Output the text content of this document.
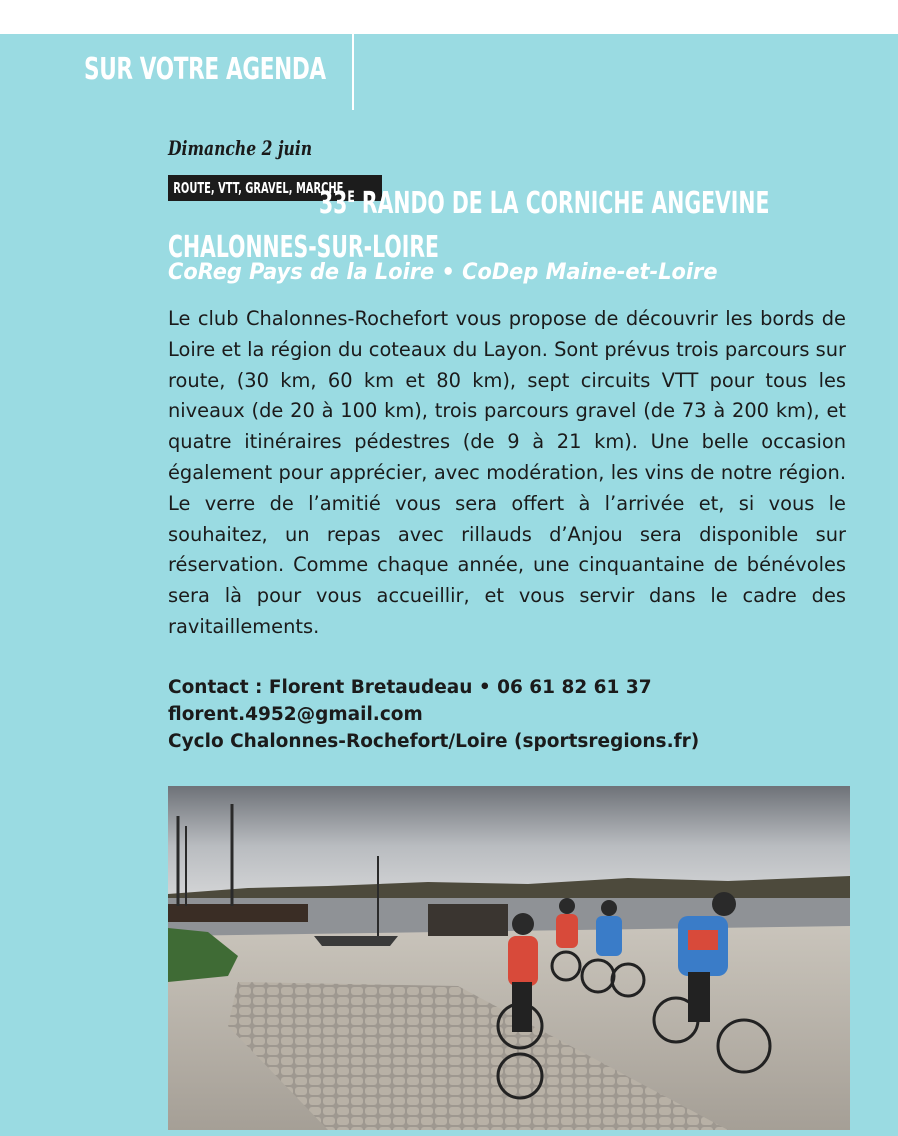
SUR VOTRE AGENDA
Dimanche 2 juin
ROUTE, VTT, GRAVEL, MARCHE
$33^E$ RANDO DE LA CORNICHE ANGEVINE
CHALONNES-SUR-LOIRE
CoReg Pays de la Loire • CoDep Maine-et-Loire

Le club Chalonnes-Rochefort vous propose de découvrir les bords de Loire et la région du coteaux du Layon. Sont prévus trois parcours sur route, (30 km, 60 km et 80 km), sept circuits VTT pour tous les niveaux (de 20 à 100 km), trois parcours gravel (de 73 à 200 km), et quatre itinéraires pédestres (de 9 à 21 km). Une belle occasion également pour apprécier, avec modération, les vins de notre région. Le verre de l’amitié vous sera offert à l’arrivée et, si vous le souhaitez, un repas avec rillauds d’Anjou sera disponible sur réservation. Comme chaque année, une cinquantaine de bénévoles sera là pour vous accueillir, et vous servir dans le cadre des ravitaillements.

Contact : Florent Bretaudeau • 06 61 82 61 37
florent.4952@gmail.com
Cyclo Chalonnes-Rochefort/Loire (sportsregions.fr)
